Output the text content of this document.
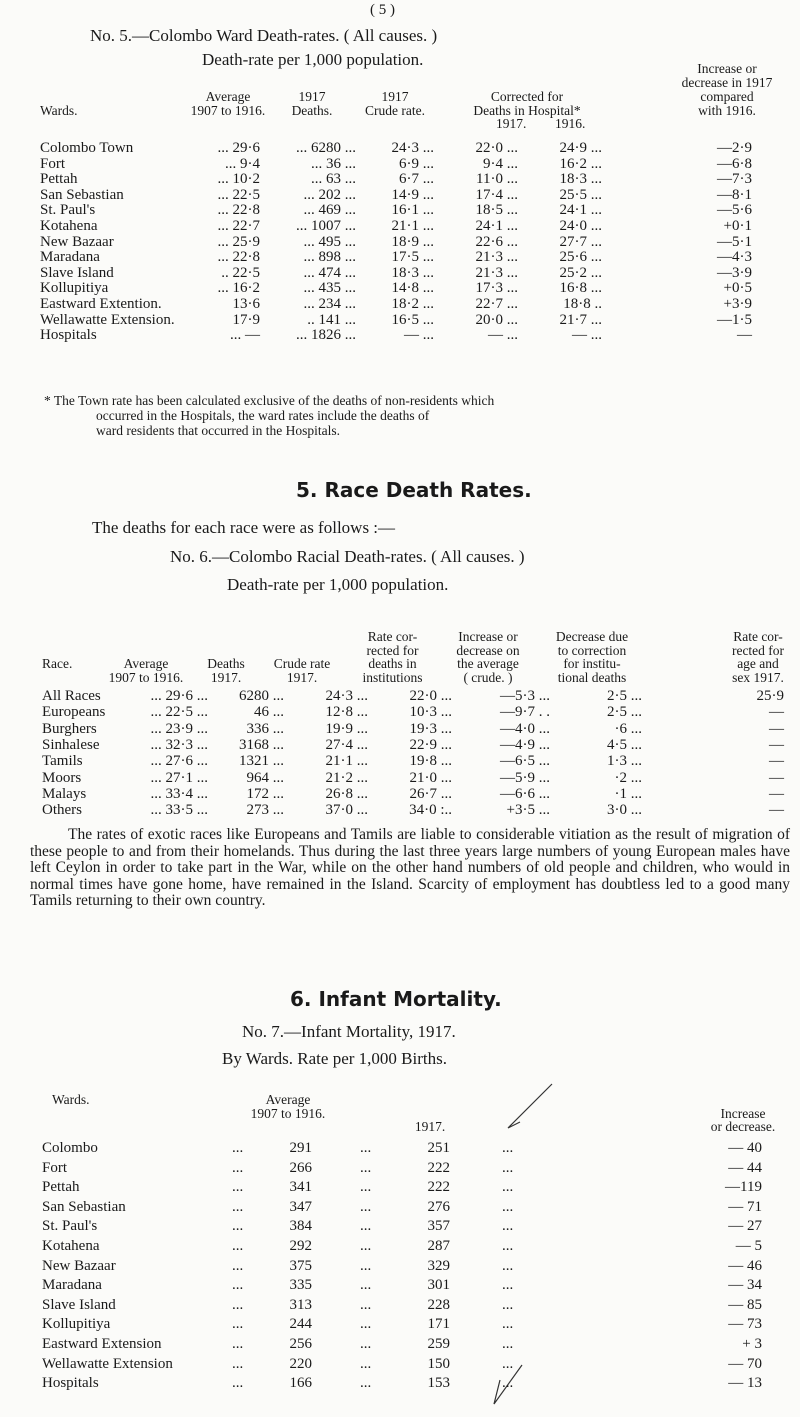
( 5 )
No. 5.—Colombo Ward Death-rates. ( All causes. )
Death-rate per 1,000 population.
Wards.
Average
1907 to 1916.
1917
Deaths.
1917
Crude rate.
Corrected for
Deaths in Hospital*
1917. 1916.
Increase or
decrease in 1917
compared
with 1916.
Colombo Town	... 29·6	... 6280 ...	24·3 ...	22·0 ...	24·9 ...	—2·9
Fort	... 9·4	... 36 ...	6·9 ...	9·4 ...	16·2 ...	—6·8
Pettah	... 10·2	... 63 ...	6·7 ...	11·0 ...	18·3 ...	—7·3
San Sebastian	... 22·5	... 202 ...	14·9 ...	17·4 ...	25·5 ...	—8·1
St. Paul's	... 22·8	... 469 ...	16·1 ...	18·5 ...	24·1 ...	—5·6
Kotahena	... 22·7	... 1007 ...	21·1 ...	24·1 ...	24·0 ...	+0·1
New Bazaar	... 25·9	... 495 ...	18·9 ...	22·6 ...	27·7 ...	—5·1
Maradana	... 22·8	... 898 ...	17·5 ...	21·3 ...	25·6 ...	—4·3
Slave Island	.. 22·5	... 474 ...	18·3 ...	21·3 ...	25·2 ...	—3·9
Kollupitiya	... 16·2	... 435 ...	14·8 ...	17·3 ...	16·8 ...	+0·5
Eastward Extention.	13·6	... 234 ...	18·2 ...	22·7 ...	18·8 ..	+3·9
Wellawatte Extension.	17·9	.. 141 ...	16·5 ...	20·0 ...	21·7 ...	—1·5
Hospitals	... —	... 1826 ...	— ...	— ...	— ...	—
* The Town rate has been calculated exclusive of the deaths of non-residents which
occurred in the Hospitals, the ward rates include the deaths of
ward residents that occurred in the Hospitals.
5. Race Death Rates.
The deaths for each race were as follows :—
No. 6.—Colombo Racial Death-rates. ( All causes. )
Death-rate per 1,000 population.
Race.	Average
1907 to 1916.
Deaths
1917.
Crude rate
1917.
Rate cor-
rected for
deaths in
institutions
Increase or
decrease on
the average
( crude. )
Decrease due
to correction
for institu-
tional deaths
Rate cor-
rected for
age and
sex 1917.
All Races	... 29·6 ...	6280 ...	24·3 ...	22·0 ...	—5·3 ...	2·5 ...	25·9
Europeans	... 22·5 ...	46 ...	12·8 ...	10·3 ...	—9·7 . .	2·5 ...	—
Burghers	... 23·9 ...	336 ...	19·9 ...	19·3 ...	—4·0 ...	·6 ...	—
Sinhalese	... 32·3 ...	3168 ...	27·4 ...	22·9 ...	—4·9 ...	4·5 ...	—
Tamils	... 27·6 ...	1321 ...	21·1 ...	19·8 ...	—6·5 ...	1·3 ...	—
Moors	... 27·1 ...	964 ...	21·2 ...	21·0 ...	—5·9 ...	·2 ...	—
Malays	... 33·4 ...	172 ...	26·8 ...	26·7 ...	—6·6 ...	·1 ...	—
Others	... 33·5 ...	273 ...	37·0 ...	34·0 :..	+3·5 ...	3·0 ...	—
The rates of exotic races like Europeans and Tamils are liable to considerable vitiation as the result of migration of these people to and from their homelands. Thus during the last three years large numbers of young European males have left Ceylon in order to take part in the War, while on the other hand numbers of old people and children, who would in normal times have gone home, have remained in the Island. Scarcity of employment has doubtless led to a good many Tamils returning to their own country.
6. Infant Mortality.
No. 7.—Infant Mortality, 1917.
By Wards. Rate per 1,000 Births.
Wards.	Average
1907 to 1916.
1917.
Increase
or decrease.
Colombo	...	291	...	251	...	— 40
Fort	...	266	...	222	...	— 44
Pettah	...	341	...	222	...	—119
San Sebastian	...	347	...	276	...	— 71
St. Paul's	...	384	...	357	...	— 27
Kotahena	...	292	...	287	...	— 5
New Bazaar	...	375	...	329	...	— 46
Maradana	...	335	...	301	...	— 34
Slave Island	...	313	...	228	...	— 85
Kollupitiya	...	244	...	171	...	— 73
Eastward Extension	...	256	...	259	...	+ 3
Wellawatte Extension	...	220	...	150	...	— 70
Hospitals	...	166	...	153	...	— 13
